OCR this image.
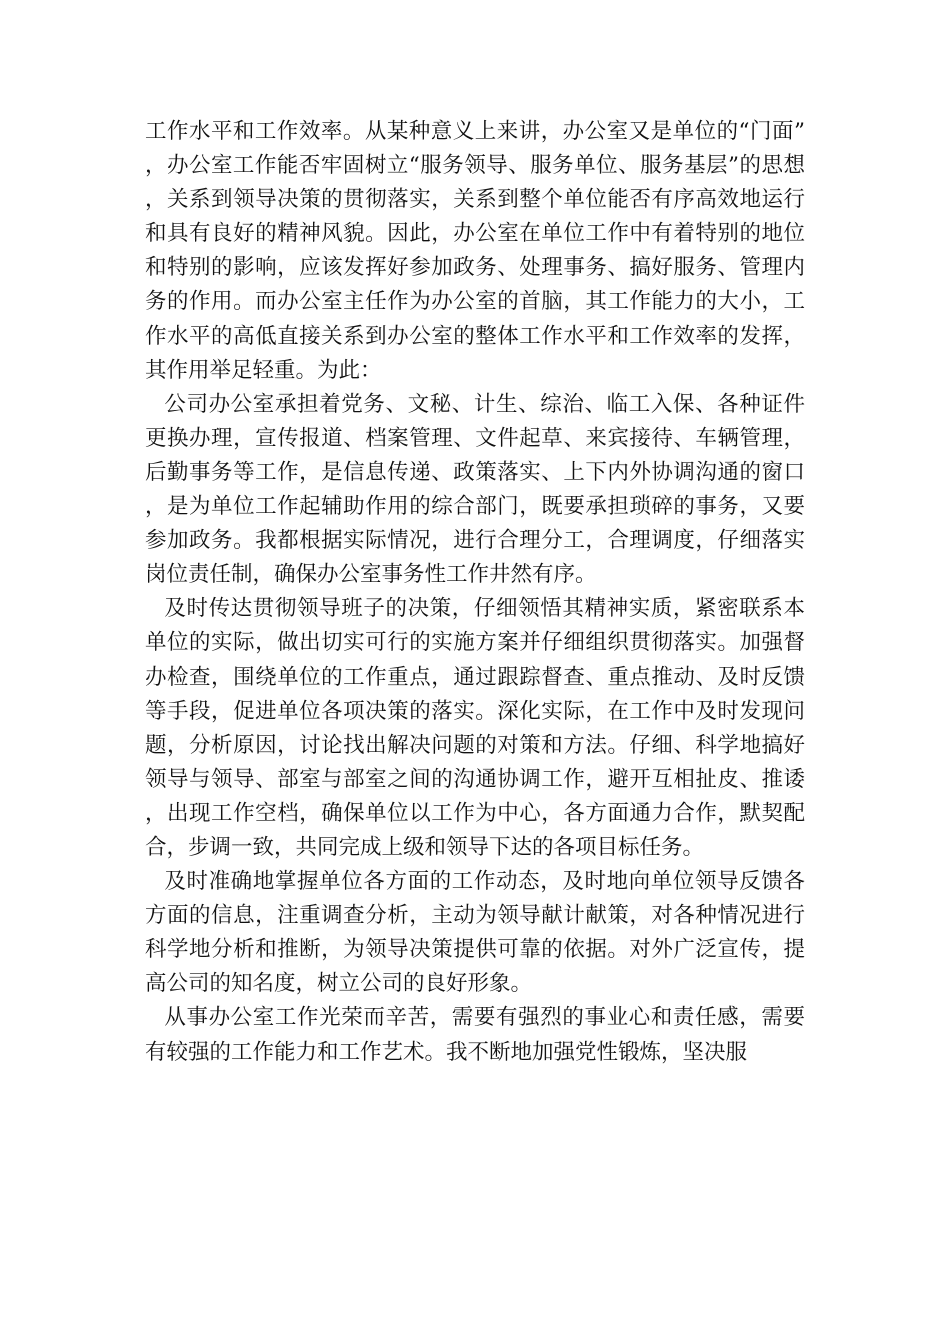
工作水平和工作效率。从某种意义上来讲，办公室又是单位的“门面”，办公室工作能否牢固树立“服务领导、服务单位、服务基层”的思想，关系到领导决策的贯彻落实，关系到整个单位能否有序高效地运行和具有良好的精神风貌。因此，办公室在单位工作中有着特别的地位和特别的影响，应该发挥好参加政务、处理事务、搞好服务、管理内务的作用。而办公室主任作为办公室的首脑，其工作能力的大小，工作水平的高低直接关系到办公室的整体工作水平和工作效率的发挥，其作用举足轻重。为此：

公司办公室承担着党务、文秘、计生、综治、临工入保、各种证件更换办理，宣传报道、档案管理、文件起草、来宾接待、车辆管理，后勤事务等工作，是信息传递、政策落实、上下内外协调沟通的窗口，是为单位工作起辅助作用的综合部门，既要承担琐碎的事务，又要参加政务。我都根据实际情况，进行合理分工，合理调度，仔细落实岗位责任制，确保办公室事务性工作井然有序。

及时传达贯彻领导班子的决策，仔细领悟其精神实质，紧密联系本单位的实际，做出切实可行的实施方案并仔细组织贯彻落实。加强督办检查，围绕单位的工作重点，通过跟踪督查、重点推动、及时反馈等手段，促进单位各项决策的落实。深化实际，在工作中及时发现问题，分析原因，讨论找出解决问题的对策和方法。仔细、科学地搞好领导与领导、部室与部室之间的沟通协调工作，避开互相扯皮、推诿，出现工作空档，确保单位以工作为中心，各方面通力合作，默契配合，步调一致，共同完成上级和领导下达的各项目标任务。

及时准确地掌握单位各方面的工作动态，及时地向单位领导反馈各方面的信息，注重调查分析，主动为领导献计献策，对各种情况进行科学地分析和推断，为领导决策提供可靠的依据。对外广泛宣传，提高公司的知名度，树立公司的良好形象。

从事办公室工作光荣而辛苦，需要有强烈的事业心和责任感，需要有较强的工作能力和工作艺术。我不断地加强党性锻炼，坚决服
